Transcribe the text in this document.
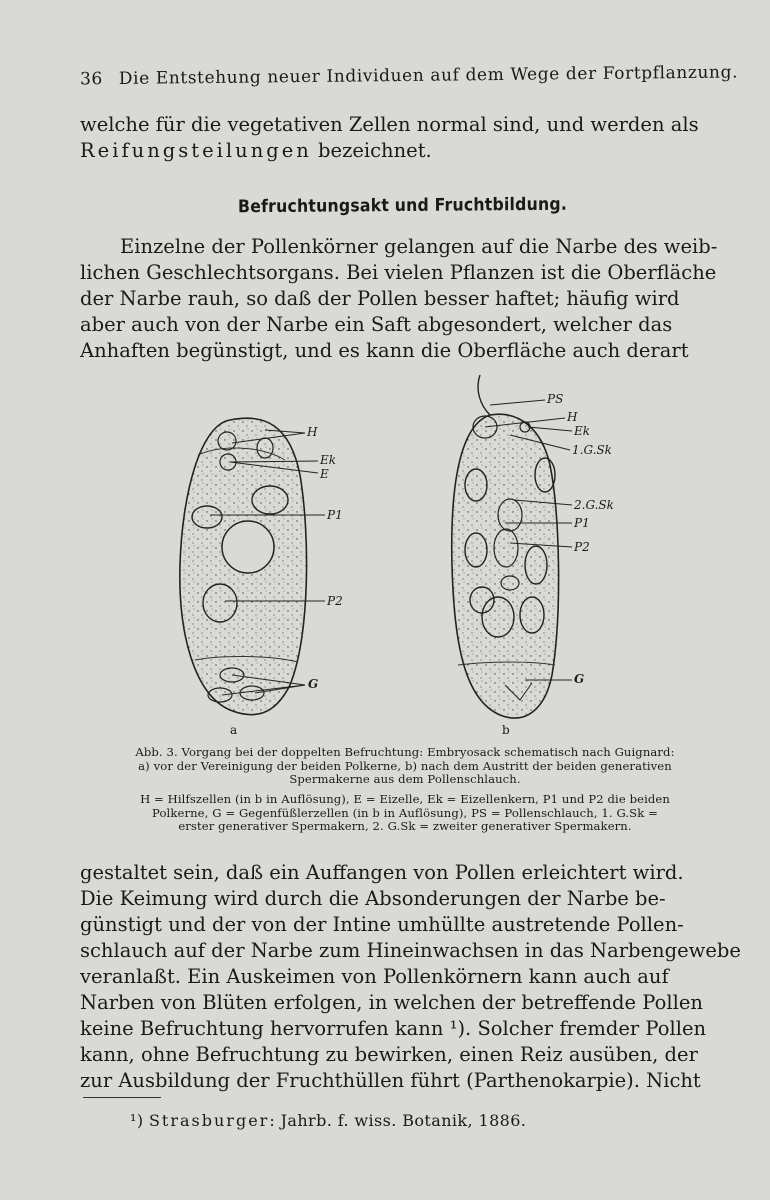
36 Die Entstehung neuer Individuen auf dem Wege der Fortpflanzung.
welche für die vegetativen Zellen normal sind, und werden als
Reifungsteilungen bezeichnet.
Befruchtungsakt und Fruchtbildung.
Einzelne der Pollenkörner gelangen auf die Narbe des weib-
lichen Geschlechtsorgans. Bei vielen Pflanzen ist die Oberfläche
der Narbe rauh, so daß der Pollen besser haftet; häufig wird
aber auch von der Narbe ein Saft abgesondert, welcher das
Anhaften begünstigt, und es kann die Oberfläche auch derart
a	b
H
Ek
E
P1
P2
G
PS
H
Ek
1.G.Sk
2.G.Sk
P1
P2
G
Abb. 3. Vorgang bei der doppelten Befruchtung: Embryosack schematisch nach Guignard:
a) vor der Vereinigung der beiden Polkerne, b) nach dem Austritt der beiden generativen
Spermakerne aus dem Pollenschlauch.
H = Hilfszellen (in b in Auflösung), E = Eizelle, Ek = Eizellenkern, P1 und P2 die beiden
Polkerne, G = Gegenfüßlerzellen (in b in Auflösung), PS = Pollenschlauch, 1. G.Sk =
erster generativer Spermakern, 2. G.Sk = zweiter generativer Spermakern.
gestaltet sein, daß ein Auffangen von Pollen erleichtert wird.
Die Keimung wird durch die Absonderungen der Narbe be-
günstigt und der von der Intine umhüllte austretende Pollen-
schlauch auf der Narbe zum Hineinwachsen in das Narbengewebe
veranlaßt. Ein Auskeimen von Pollenkörnern kann auch auf
Narben von Blüten erfolgen, in welchen der betreffende Pollen
keine Befruchtung hervorrufen kann ¹). Solcher fremder Pollen
kann, ohne Befruchtung zu bewirken, einen Reiz ausüben, der
zur Ausbildung der Fruchthüllen führt (Parthenokarpie). Nicht
¹) Strasburger: Jahrb. f. wiss. Botanik, 1886.
